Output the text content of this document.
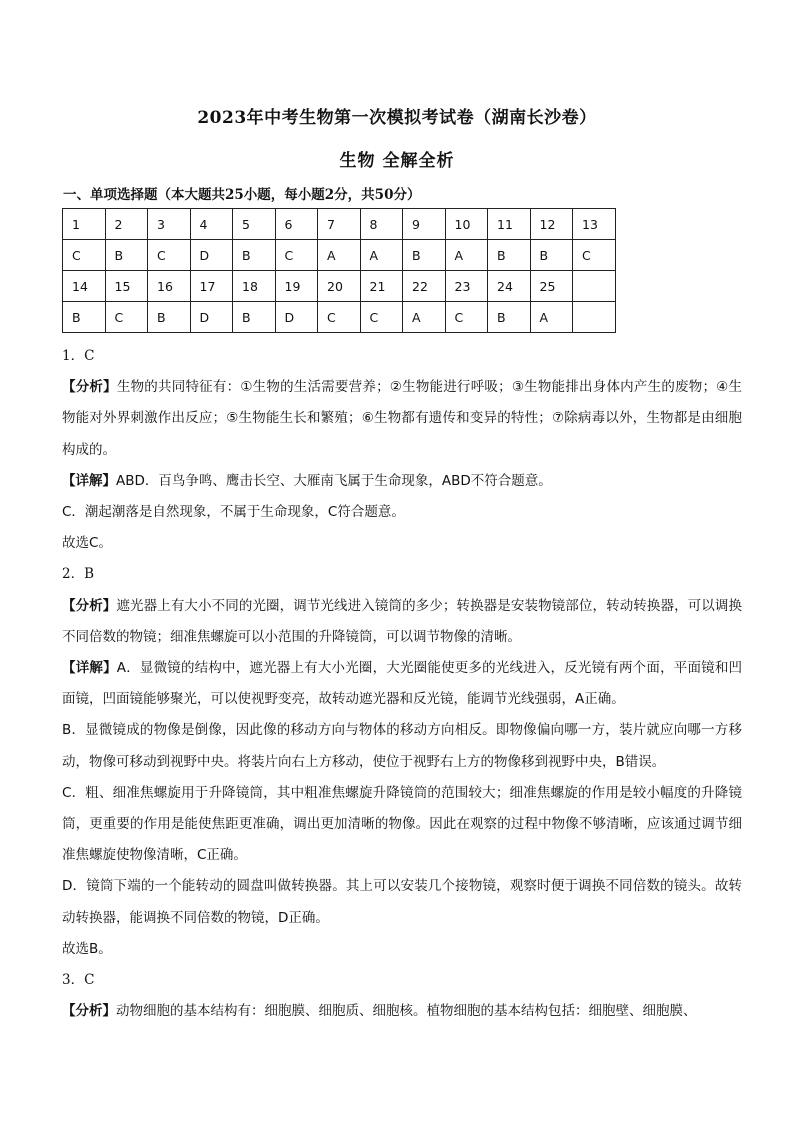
2023年中考生物第一次模拟考试卷（湖南长沙卷）
生物 全解全析
一、单项选择题（本大题共25小题，每小题2分，共50分）
1	2	3	4	5	6	7	8	9	10	11	12	13
C	B	C	D	B	C	A	A	B	A	B	B	C
14	15	16	17	18	19	20	21	22	23	24	25	
B	C	B	D	B	D	C	C	A	C	B	A	

1．C

【分析】生物的共同特征有：①生物的生活需要营养；②生物能进行呼吸；③生物能排出身体内产生的废物；④生物能对外界刺激作出反应；⑤生物能生长和繁殖；⑥生物都有遗传和变异的特性；⑦除病毒以外，生物都是由细胞构成的。

【详解】ABD．百鸟争鸣、鹰击长空、大雁南飞属于生命现象，ABD不符合题意。

C．潮起潮落是自然现象，不属于生命现象，C符合题意。

故选C。

2．B

【分析】遮光器上有大小不同的光圈，调节光线进入镜筒的多少；转换器是安装物镜部位，转动转换器，可以调换不同倍数的物镜；细准焦螺旋可以小范围的升降镜筒，可以调节物像的清晰。

【详解】A．显微镜的结构中，遮光器上有大小光圈，大光圈能使更多的光线进入，反光镜有两个面，平面镜和凹面镜，凹面镜能够聚光，可以使视野变亮，故转动遮光器和反光镜，能调节光线强弱，A正确。

B．显微镜成的物像是倒像，因此像的移动方向与物体的移动方向相反。即物像偏向哪一方，装片就应向哪一方移动，物像可移动到视野中央。将装片向右上方移动，使位于视野右上方的物像移到视野中央，B错误。

C．粗、细准焦螺旋用于升降镜筒，其中粗准焦螺旋升降镜筒的范围较大；细准焦螺旋的作用是较小幅度的升降镜筒，更重要的作用是能使焦距更准确，调出更加清晰的物像。因此在观察的过程中物像不够清晰，应该通过调节细准焦螺旋使物像清晰，C正确。

D．镜筒下端的一个能转动的圆盘叫做转换器。其上可以安装几个接物镜，观察时便于调换不同倍数的镜头。故转动转换器，能调换不同倍数的物镜，D正确。

故选B。

3．C

【分析】动物细胞的基本结构有：细胞膜、细胞质、细胞核。植物细胞的基本结构包括：细胞壁、细胞膜、
